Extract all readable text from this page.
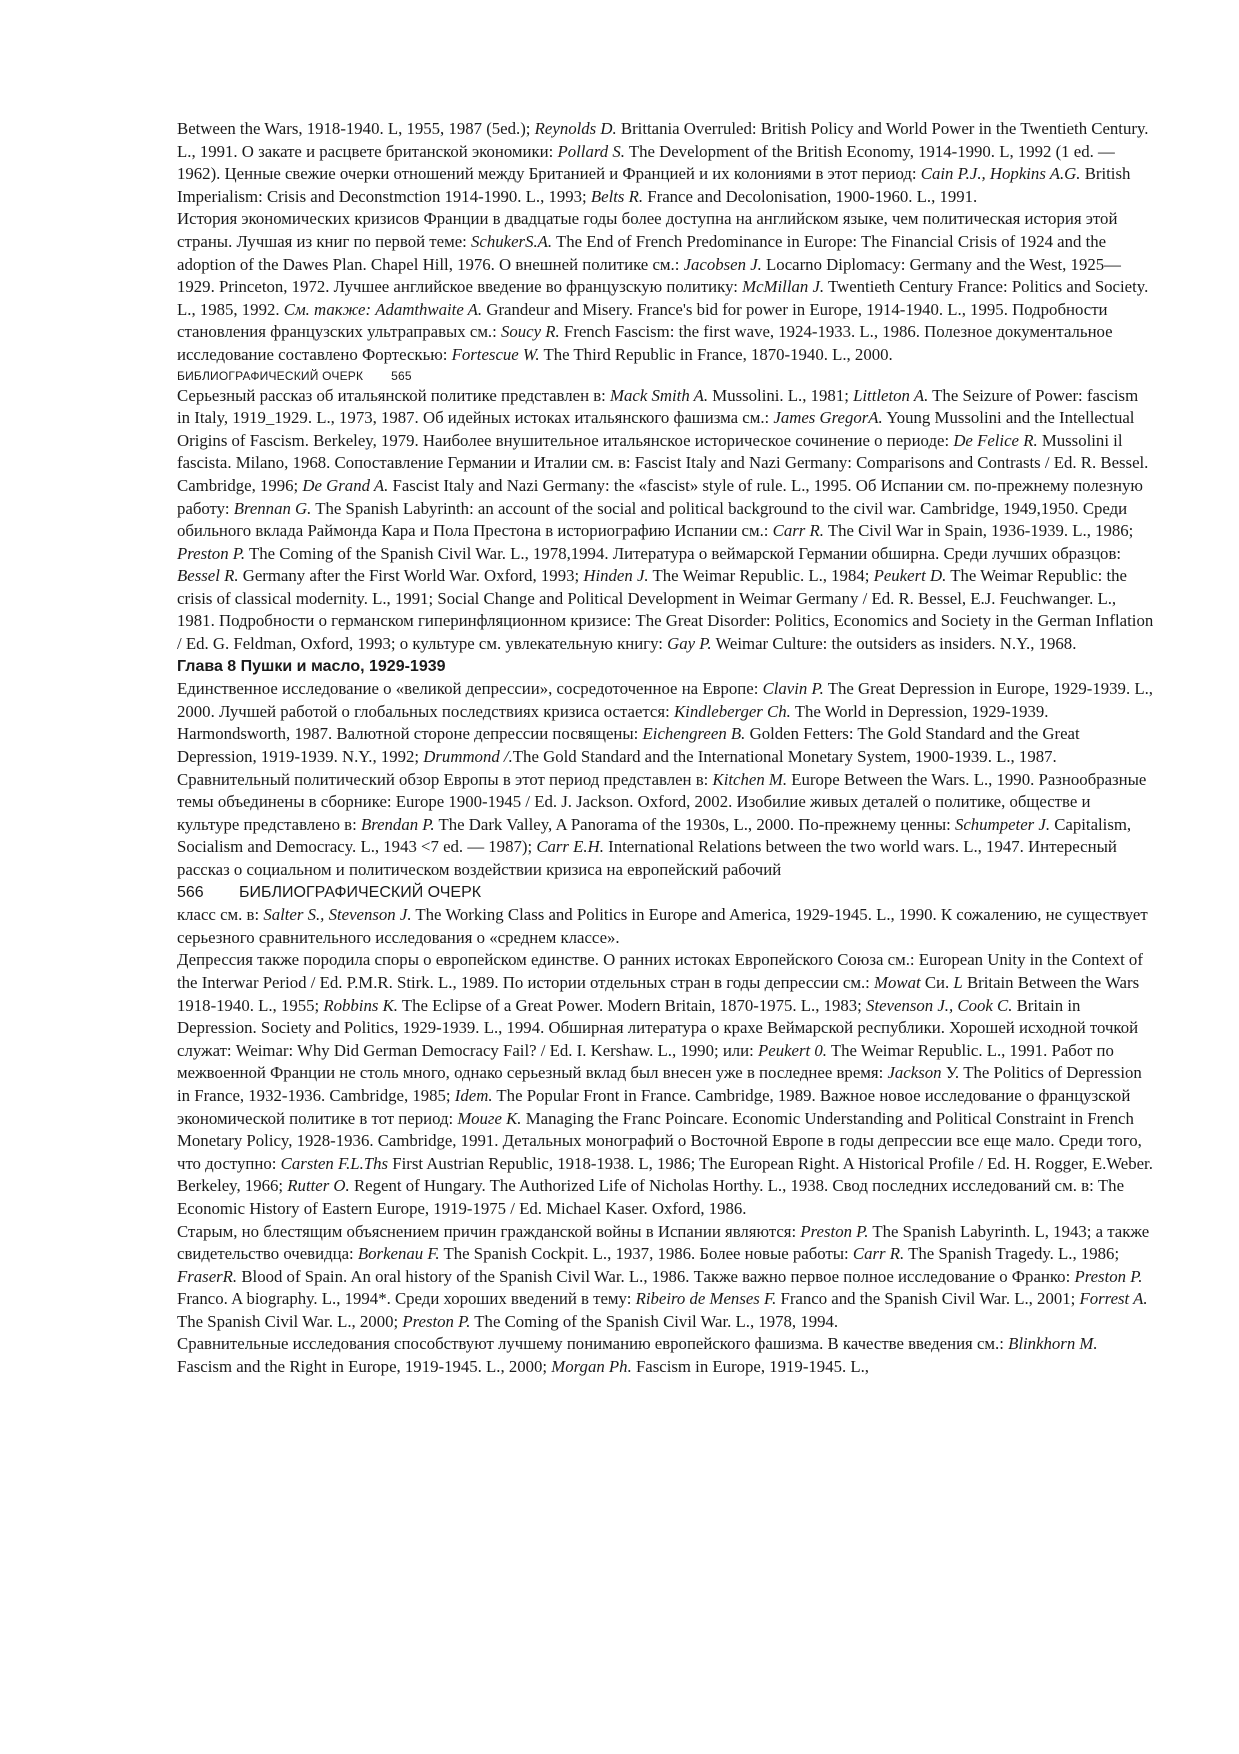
Between the Wars, 1918-1940. L, 1955, 1987 (5ed.); Reynolds D. Brittania Overruled: British Policy and World Power in the Twentieth Century. L., 1991. О закате и расцвете британской экономики: Pollard S. The Development of the British Economy, 1914-1990. L, 1992 (1 ed. — 1962). Ценные свежие очерки отношений между Британией и Францией и их колониями в этот период: Cain P.J., Hopkins A.G. British Imperialism: Crisis and Deconstmction 1914-1990. L., 1993; Belts R. France and Decolonisation, 1900-1960. L., 1991.

История экономических кризисов Франции в двадцатые годы более доступна на английском языке, чем политическая история этой страны. Лучшая из книг по первой теме: SchukerS.A. The End of French Predominance in Europe: The Financial Crisis of 1924 and the adoption of the Dawes Plan. Chapel Hill, 1976. О внешней политике см.: Jacobsen J. Locarno Diplomacy: Germany and the West, 1925—1929. Princeton, 1972. Лучшее английское введение во французскую политику: McMillan J. Twentieth Century France: Politics and Society. L., 1985, 1992. См. также: Adamthwaite A. Grandeur and Misery. France's bid for power in Europe, 1914-1940. L., 1995. Подробности становления французских ультраправых см.: Soucy R. French Fascism: the first wave, 1924-1933. L., 1986. Полезное документальное исследование составлено Фортескью: Fortescue W. The Third Republic in France, 1870-1940. L., 2000.

БИБЛИОГРАФИЧЕСКИЙ ОЧЕРК 565

Серьезный рассказ об итальянской политике представлен в: Mack Smith A. Mussolini. L., 1981; Littleton A. The Seizure of Power: fascism in Italy, 1919_1929. L., 1973, 1987. Об идейных истоках итальянского фашизма см.: James GregorA. Young Mussolini and the Intellectual Origins of Fascism. Berkeley, 1979. Наиболее внушительное итальянское историческое сочинение о периоде: De Felice R. Mussolini il fascista. Milano, 1968. Сопоставление Германии и Италии см. в: Fascist Italy and Nazi Germany: Comparisons and Contrasts / Ed. R. Bessel. Cambridge, 1996; De Grand A. Fascist Italy and Nazi Germany: the «fascist» style of rule. L., 1995. Об Испании см. по-прежнему полезную работу: Brennan G. The Spanish Labyrinth: an account of the social and political background to the civil war. Cambridge, 1949,1950. Среди обильного вклада Раймонда Кара и Пола Престона в историографию Испании см.: Carr R. The Civil War in Spain, 1936-1939. L., 1986; Preston P. The Coming of the Spanish Civil War. L., 1978,1994. Литература о веймарской Германии обширна. Среди лучших образцов: Bessel R. Germany after the First World War. Oxford, 1993; Hinden J. The Weimar Republic. L., 1984; Peukert D. The Weimar Republic: the crisis of classical modernity. L., 1991; Social Change and Political Development in Weimar Germany / Ed. R. Bessel, E.J. Feuchwanger. L., 1981. Подробности о германском гиперинфляционном кризисе: The Great Disorder: Politics, Economics and Society in the German Inflation / Ed. G. Feldman, Oxford, 1993; о культуре см. увлекательную книгу: Gay P. Weimar Culture: the outsiders as insiders. N.Y., 1968.

Глава 8 Пушки и масло, 1929-1939

Единственное исследование о «великой депрессии», сосредоточенное на Европе: Clavin P. The Great Depression in Europe, 1929-1939. L., 2000. Лучшей работой о глобальных последствиях кризиса остается: Kindleberger Ch. The World in Depression, 1929-1939. Harmondsworth, 1987. Валютной стороне депрессии посвящены: Eichengreen B. Golden Fetters: The Gold Standard and the Great Depression, 1919-1939. N.Y., 1992; Drummond /.The Gold Standard and the International Monetary System, 1900-1939. L., 1987.

Сравнительный политический обзор Европы в этот период представлен в: Kitchen M. Europe Between the Wars. L., 1990. Разнообразные темы объединены в сборнике: Europe 1900-1945 / Ed. J. Jackson. Oxford, 2002. Изобилие живых деталей о политике, обществе и культуре представлено в: Brendan P. The Dark Valley, A Panorama of the 1930s, L., 2000. По-прежнему ценны: Schumpeter J. Capitalism, Socialism and Democracy. L., 1943 <7 ed. — 1987); Carr E.H. International Relations between the two world wars. L., 1947. Интересный рассказ о социальном и политическом воздействии кризиса на европейский рабочий

566 БИБЛИОГРАФИЧЕСКИЙ ОЧЕРК

класс см. в: Salter S., Stevenson J. The Working Class and Politics in Europe and America, 1929-1945. L., 1990. К сожалению, не существует серьезного сравнительного исследования о «среднем классе».

Депрессия также породила споры о европейском единстве. О ранних истоках Европейского Союза см.: European Unity in the Context of the Interwar Period / Ed. P.M.R. Stirk. L., 1989. По истории отдельных стран в годы депрессии см.: Mowat Си. L Britain Between the Wars 1918-1940. L., 1955; Robbins K. The Eclipse of a Great Power. Modern Britain, 1870-1975. L., 1983; Stevenson J., Cook C. Britain in Depression. Society and Politics, 1929-1939. L., 1994. Обширная литература о крахе Веймарской республики. Хорошей исходной точкой служат: Weimar: Why Did German Democracy Fail? / Ed. I. Kershaw. L., 1990; или: Peukert 0. The Weimar Republic. L., 1991. Работ по межвоенной Франции не столь много, однако серьезный вклад был внесен уже в последнее время: Jackson У. The Politics of Depression in France, 1932-1936. Cambridge, 1985; Idem. The Popular Front in France. Cambridge, 1989. Важное новое исследование о французской экономической политике в тот период: Моиге K. Managing the Franc Poincare. Economic Understanding and Political Constraint in French Monetary Policy, 1928-1936. Cambridge, 1991. Детальных монографий о Восточной Европе в годы депрессии все еще мало. Среди того, что доступно: Carsten F.L.Ths First Austrian Republic, 1918-1938. L, 1986; The European Right. A Historical Profile / Ed. H. Rogger, E.Weber. Berkeley, 1966; Rutter O. Regent of Hungary. The Authorized Life of Nicholas Horthy. L., 1938. Свод последних исследований см. в: The Economic History of Eastern Europe, 1919-1975 / Ed. Michael Kaser. Oxford, 1986.

Старым, но блестящим объяснением причин гражданской войны в Испании являются: Preston P. The Spanish Labyrinth. L, 1943; а также свидетельство очевидца: Borkenau F. The Spanish Cockpit. L., 1937, 1986. Более новые работы: Carr R. The Spanish Tragedy. L., 1986; FraserR. Blood of Spain. An oral history of the Spanish Civil War. L., 1986. Также важно первое полное исследование о Франко: Preston P. Franco. A biography. L., 1994*. Среди хороших введений в тему: Ribeiro de Menses F. Franco and the Spanish Civil War. L., 2001; Forrest A. The Spanish Civil War. L., 2000; Preston P. The Coming of the Spanish Civil War. L., 1978, 1994.

Сравнительные исследования способствуют лучшему пониманию европейского фашизма. В качестве введения см.: Blinkhorn M. Fascism and the Right in Europe, 1919-1945. L., 2000; Morgan Ph. Fascism in Europe, 1919-1945. L.,
